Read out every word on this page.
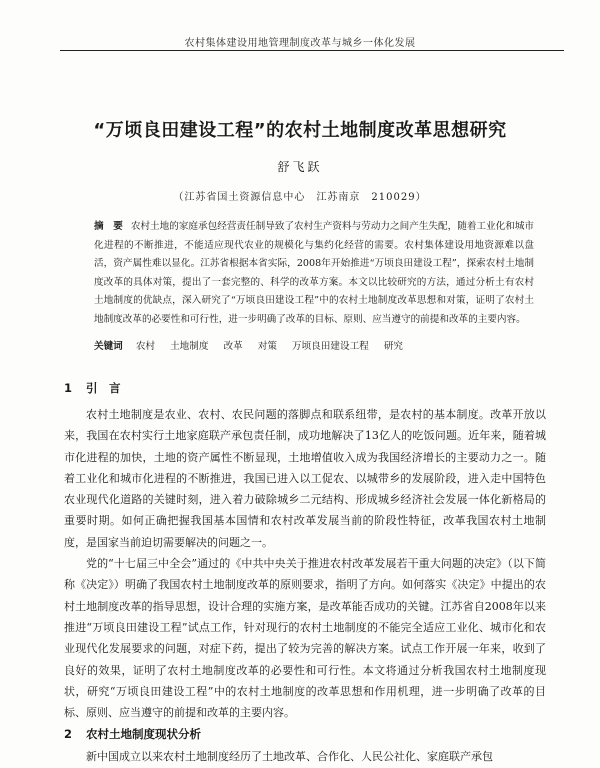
农村集体建设用地管理制度改革与城乡一体化发展
“万顷良田建设工程”的农村土地制度改革思想研究
舒飞跃
（江苏省国土资源信息中心　江苏南京　210029）
摘　要 农村土地的家庭承包经营责任制导致了农村生产资料与劳动力之间产生失配，随着工业化和城市化进程的不断推进，不能适应现代农业的规模化与集约化经营的需要。农村集体建设用地资源难以盘活，资产属性难以显化。江苏省根据本省实际，2008年开始推进“万顷良田建设工程”，探索农村土地制度改革的具体对策，提出了一套完整的、科学的改革方案。本文以比较研究的方法，通过分析土有农村土地制度的优缺点，深入研究了“万顷良田建设工程”中的农村土地制度改革思想和对策，证明了农村土地制度改革的必要性和可行性，进一步明确了改革的目标、原则、应当遵守的前提和改革的主要内容。
关键词 农村 土地制度 改革 对策 万顷良田建设工程 研究
1 引　言

农村土地制度是农业、农村、农民问题的落脚点和联系纽带，是农村的基本制度。改革开放以来，我国在农村实行土地家庭联产承包责任制，成功地解决了13亿人的吃饭问题。近年来，随着城市化进程的加快，土地的资产属性不断显现，土地增值收入成为我国经济增长的主要动力之一。随着工业化和城市化进程的不断推进，我国已进入以工促农、以城带乡的发展阶段，进入走中国特色农业现代化道路的关键时刻，进入着力破除城乡二元结构、形成城乡经济社会发展一体化新格局的重要时期。如何正确把握我国基本国情和农村改革发展当前的阶段性特征，改革我国农村土地制度，是国家当前迫切需要解决的问题之一。

党的“十七届三中全会”通过的《中共中央关于推进农村改革发展若干重大问题的决定》（以下简称《决定》）明确了我国农村土地制度改革的原则要求，指明了方向。如何落实《决定》中提出的农村土地制度改革的指导思想，设计合理的实施方案，是改革能否成功的关键。江苏省自2008年以来推进“万顷良田建设工程”试点工作，针对现行的农村土地制度的不能完全适应工业化、城市化和农业现代化发展要求的问题，对症下药，提出了较为完善的解决方案。试点工作开展一年来，收到了良好的效果，证明了农村土地制度改革的必要性和可行性。本文将通过分析我国农村土地制度现状，研究“万顷良田建设工程”中的农村土地制度的改革思想和作用机理，进一步明确了改革的目标、原则、应当遵守的前提和改革的主要内容。

2 农村土地制度现状分析

新中国成立以来农村土地制度经历了土地改革、合作化、人民公社化、家庭联产承包
